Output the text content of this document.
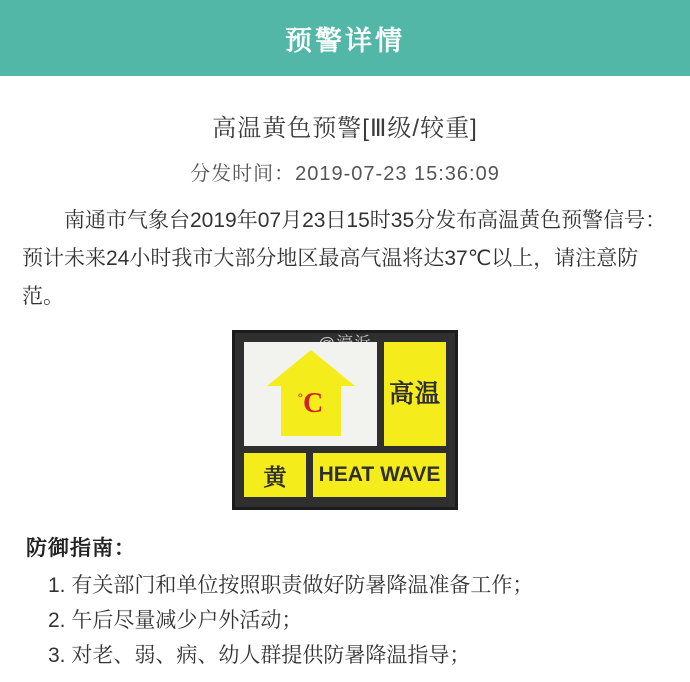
预警详情
高温黄色预警[Ⅲ级/较重]
分发时间：2019-07-23 15:36:09
南通市气象台2019年07月23日15时35分发布高温黄色预警信号：预计未来24小时我市大部分地区最高气温将达37℃以上，请注意防范。
°C	高温
黄	HEAT WAVE
防御指南：
1. 有关部门和单位按照职责做好防暑降温准备工作；
2. 午后尽量减少户外活动；
3. 对老、弱、病、幼人群提供防暑降温指导；
